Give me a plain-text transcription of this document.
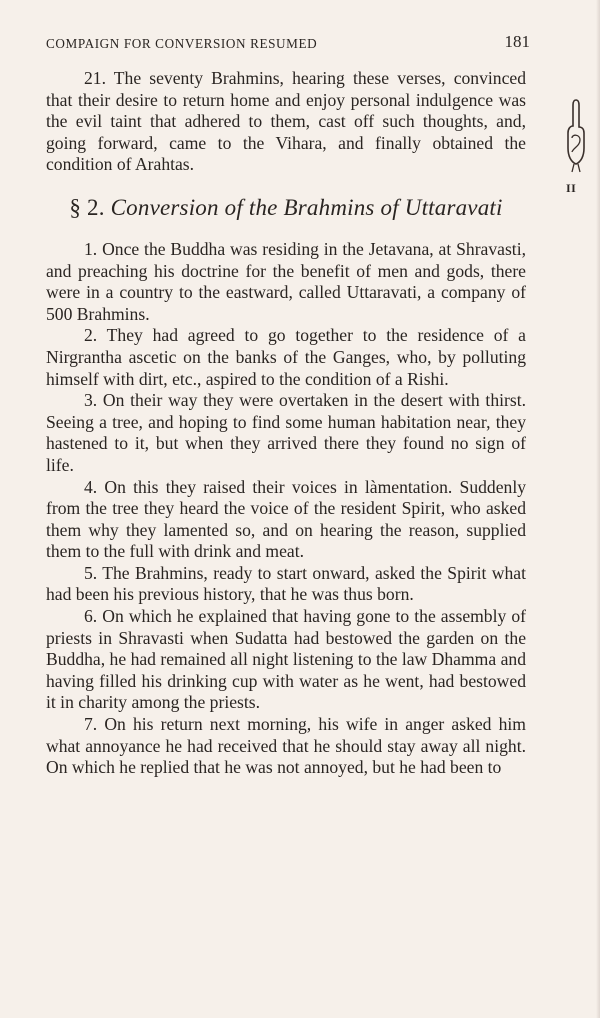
COMPAIGN FOR CONVERSION RESUMED	181
II

21. The seventy Brahmins, hearing these verses, convinced that their desire to return home and enjoy personal indulgence was the evil taint that adhered to them, cast off such thoughts, and, going forward, came to the Vihara, and finally obtained the condition of Arahtas.

§ 2. Conversion of the Brahmins of Uttaravati

1. Once the Buddha was residing in the Jetavana, at Shravasti, and preaching his doctrine for the benefit of men and gods, there were in a country to the eastward, called Uttaravati, a company of 500 Brahmins.

2. They had agreed to go together to the residence of a Nirgrantha ascetic on the banks of the Ganges, who, by polluting himself with dirt, etc., aspired to the condition of a Rishi.

3. On their way they were overtaken in the desert with thirst. Seeing a tree, and hoping to find some human habitation near, they hastened to it, but when they arrived there they found no sign of life.

4. On this they raised their voices in làmentation. Suddenly from the tree they heard the voice of the resident Spirit, who asked them why they lamented so, and on hearing the reason, supplied them to the full with drink and meat.

5. The Brahmins, ready to start onward, asked the Spirit what had been his previous history, that he was thus born.

6. On which he explained that having gone to the assembly of priests in Shravasti when Sudatta had bestowed the garden on the Buddha, he had remained all night listening to the law Dhamma and having filled his drinking cup with water as he went, had bestowed it in charity among the priests.

7. On his return next morning, his wife in anger asked him what annoyance he had received that he should stay away all night. On which he replied that he was not annoyed, but he had been to
